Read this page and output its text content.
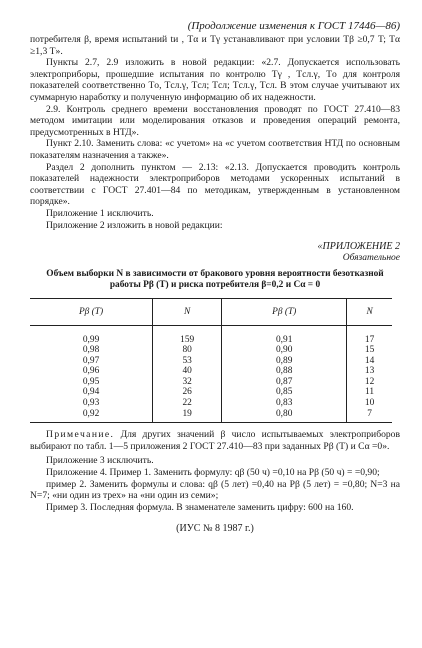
(Продолжение изменения к ГОСТ 17446—86)

потребителя β, время испытаний tи , Tα и Tγ устанавливают при условии Tβ ≥0,7 T; Tα ≥1,3 T».

Пункты 2.7, 2.9 изложить в новой редакции: «2.7. Допускается использовать электроприборы, прошедшие испытания по контролю Tγ , Tсл.γ, Tо для контроля показателей соответственно Tо, Tсл.γ, Tсл; Tсл; Tсл.γ, Tсл. В этом случае учитывают их суммарную наработку и полученную информацию об их надежности.

2.9. Контроль среднего времени восстановления проводят по ГОСТ 27.410—83 методом имитации или моделирования отказов и проведения операций ремонта, предусмотренных в НТД».

Пункт 2.10. Заменить слова: «с учетом» на «с учетом соответствия НТД по основным показателям назначения а также».

Раздел 2 дополнить пунктом — 2.13: «2.13. Допускается проводить контроль показателей надежности электроприборов методами ускоренных испытаний в соответствии с ГОСТ 27.401—84 по методикам, утвержденным в установленном порядке».

Приложение 1 исключить.

Приложение 2 изложить в новой редакции:

«ПРИЛОЖЕНИЕ 2
Обязательное
Объем выборки N в зависимости от бракового уровня вероятности безотказной работы Pβ (T) и риска потребителя β=0,2 и Cα = 0
Pβ (T)	N	Pβ (T)	N
0,99	159	0,91	17
0,98	80	0,90	15
0,97	53	0,89	14
0,96	40	0,88	13
0,95	32	0,87	12
0,94	26	0,85	11
0,93	22	0,83	10
0,92	19	0,80	7

Примечание. Для других значений β число испытываемых электроприборов выбирают по табл. 1—5 приложения 2 ГОСТ 27.410—83 при заданных Pβ (T) и Cα =0».

Приложение 3 исключить.

Приложение 4. Пример 1. Заменить формулу: qβ (50 ч) =0,10 на Pβ (50 ч) = =0,90;

пример 2. Заменить формулы и слова: qβ (5 лет) =0,40 на Pβ (5 лет) = =0,80; N=3 на N=7; «ни один из трех» на «ни один из семи»;

Пример 3. Последняя формула. В знаменателе заменить цифру: 600 на 160.

(ИУС № 8 1987 г.)
